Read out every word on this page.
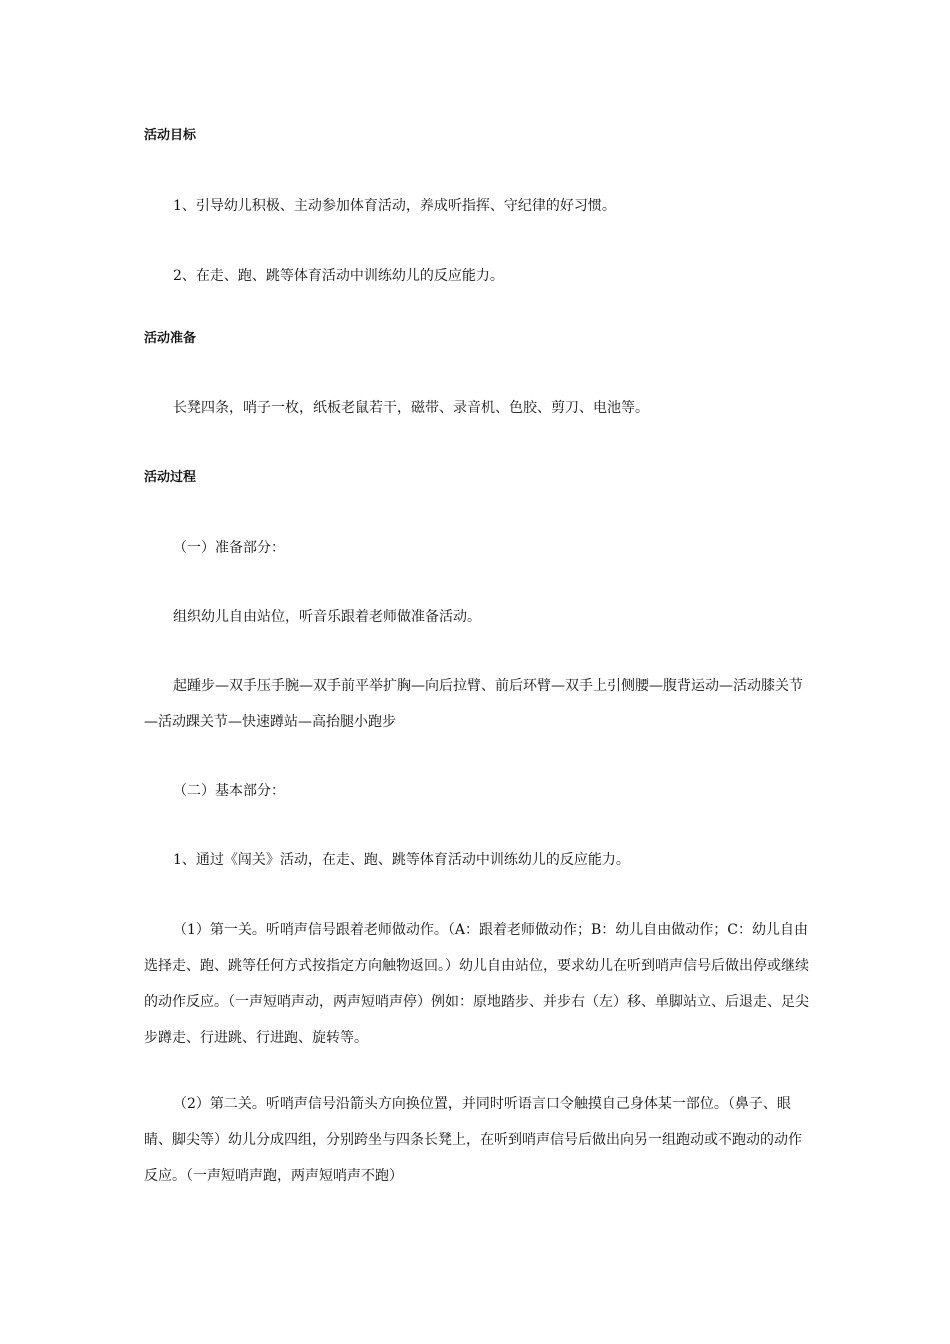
活动目标

1、引导幼儿积极、主动参加体育活动，养成听指挥、守纪律的好习惯。

2、在走、跑、跳等体育活动中训练幼儿的反应能力。

活动准备

长凳四条，哨子一枚，纸板老鼠若干，磁带、录音机、色胶、剪刀、电池等。

活动过程

（一）准备部分：

组织幼儿自由站位，听音乐跟着老师做准备活动。

起踵步—双手压手腕—双手前平举扩胸—向后拉臂、前后环臂—双手上引侧腰—腹背运动—活动膝关节—活动踝关节—快速蹲站—高抬腿小跑步

（二）基本部分：

1、通过《闯关》活动，在走、跑、跳等体育活动中训练幼儿的反应能力。

（1）第一关。听哨声信号跟着老师做动作。（A：跟着老师做动作；B：幼儿自由做动作；C：幼儿自由选择走、跑、跳等任何方式按指定方向触物返回。）幼儿自由站位，要求幼儿在听到哨声信号后做出停或继续的动作反应。（一声短哨声动，两声短哨声停）例如：原地踏步、并步右（左）移、单脚站立、后退走、足尖步蹲走、行进跳、行进跑、旋转等。

（2）第二关。听哨声信号沿箭头方向换位置，并同时听语言口令触摸自己身体某一部位。（鼻子、眼睛、脚尖等）幼儿分成四组，分别跨坐与四条长凳上，在听到哨声信号后做出向另一组跑动或不跑动的动作反应。（一声短哨声跑，两声短哨声不跑）
